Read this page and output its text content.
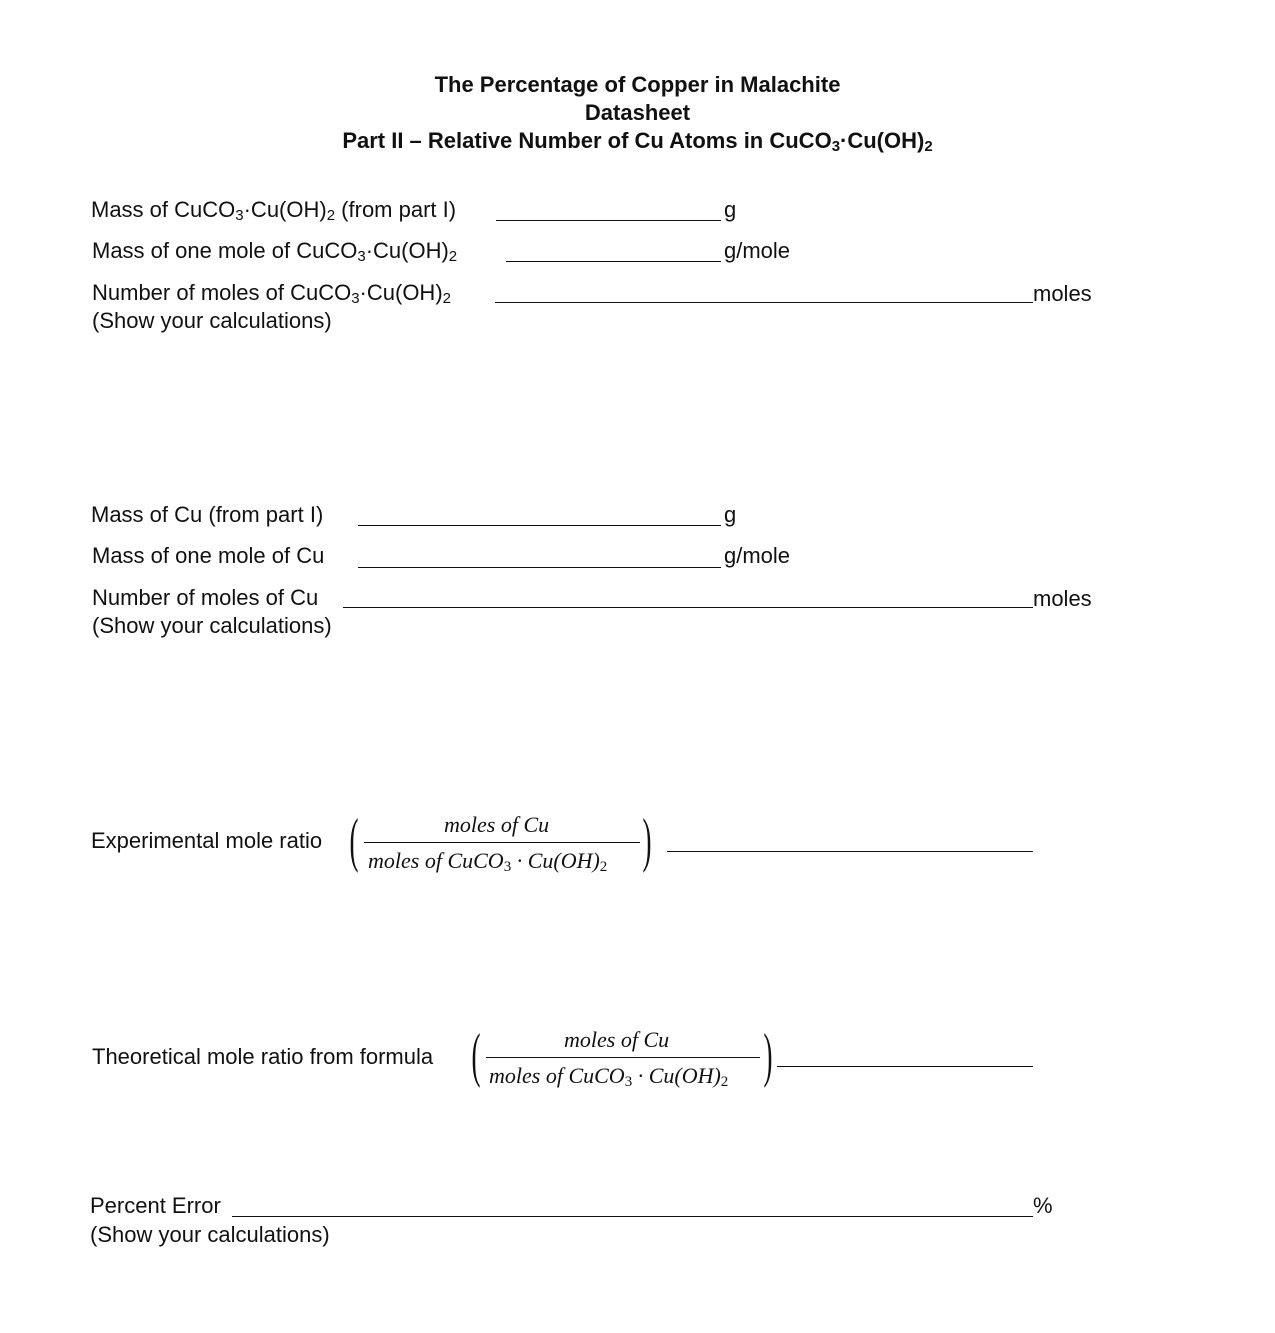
The Percentage of Copper in Malachite
Datasheet
Part II – Relative Number of Cu Atoms in $CuCO_3\cdot Cu(OH)_2$
Mass of $CuCO_3\cdot Cu(OH)_2$ (from part I)	g
Mass of one mole of $CuCO_3\cdot Cu(OH)_2$	g/mole
Number of moles of $CuCO_3\cdot Cu(OH)_2$	moles
(Show your calculations)
Mass of Cu (from part I)	g
Mass of one mole of Cu	g/mole
Number of moles of Cu	moles
(Show your calculations)
Experimental mole ratio (	moles of Cu
moles of CuCO$_3$ · $Cu(OH)_2$ )
Theoretical mole ratio from formula (	moles of Cu
moles of CuCO$_3$ · $Cu(OH)_2$ )
Percent Error	%
(Show your calculations)
